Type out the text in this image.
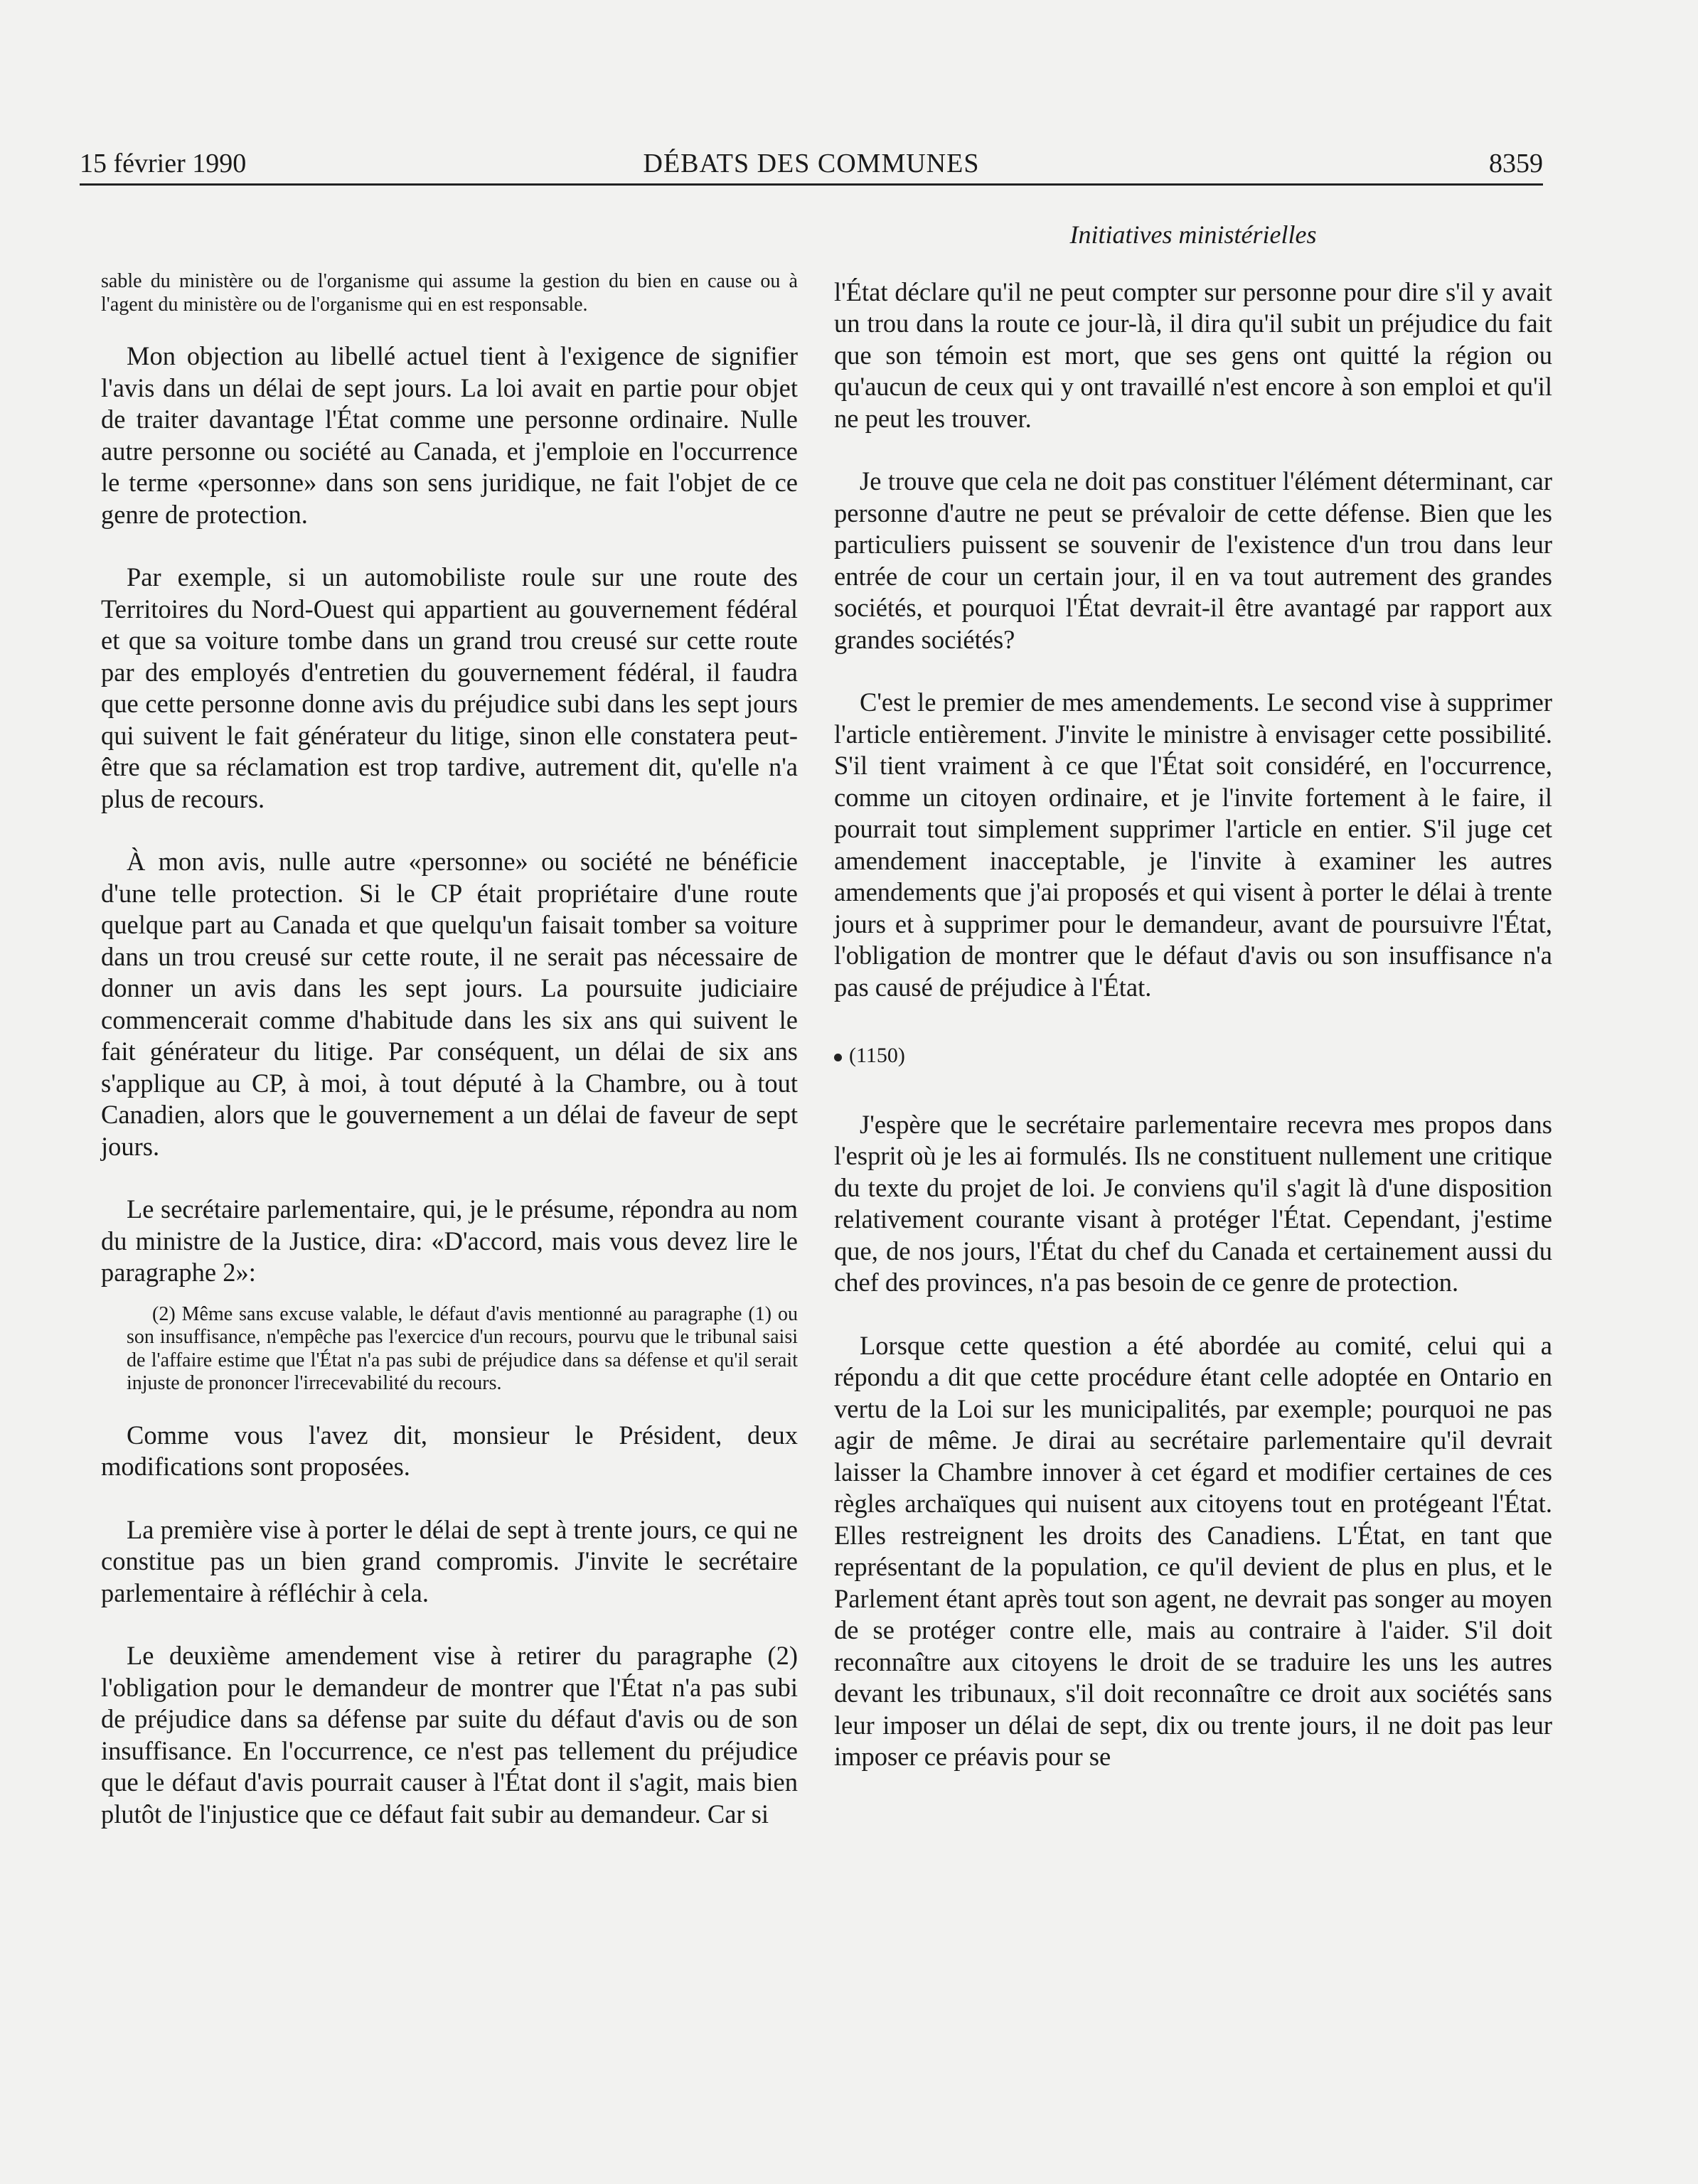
15 février 1990	DÉBATS DES COMMUNES	8359
sable du ministère ou de l'organisme qui assume la gestion du bien en cause ou à l'agent du ministère ou de l'organisme qui en est responsable.

Mon objection au libellé actuel tient à l'exigence de signifier l'avis dans un délai de sept jours. La loi avait en partie pour objet de traiter davantage l'État comme une personne ordinaire. Nulle autre personne ou société au Canada, et j'emploie en l'occurrence le terme «personne» dans son sens juridique, ne fait l'objet de ce genre de protection.

Par exemple, si un automobiliste roule sur une route des Territoires du Nord-Ouest qui appartient au gouvernement fédéral et que sa voiture tombe dans un grand trou creusé sur cette route par des employés d'entretien du gouvernement fédéral, il faudra que cette personne donne avis du préjudice subi dans les sept jours qui suivent le fait générateur du litige, sinon elle constatera peut-être que sa réclamation est trop tardive, autrement dit, qu'elle n'a plus de recours.

À mon avis, nulle autre «personne» ou société ne bénéficie d'une telle protection. Si le CP était propriétaire d'une route quelque part au Canada et que quelqu'un faisait tomber sa voiture dans un trou creusé sur cette route, il ne serait pas nécessaire de donner un avis dans les sept jours. La poursuite judiciaire commencerait comme d'habitude dans les six ans qui suivent le fait générateur du litige. Par conséquent, un délai de six ans s'applique au CP, à moi, à tout député à la Chambre, ou à tout Canadien, alors que le gouvernement a un délai de faveur de sept jours.

Le secrétaire parlementaire, qui, je le présume, répondra au nom du ministre de la Justice, dira: «D'accord, mais vous devez lire le paragraphe 2»:

(2) Même sans excuse valable, le défaut d'avis mentionné au paragraphe (1) ou son insuffisance, n'empêche pas l'exercice d'un recours, pourvu que le tribunal saisi de l'affaire estime que l'État n'a pas subi de préjudice dans sa défense et qu'il serait injuste de prononcer l'irrecevabilité du recours.

Comme vous l'avez dit, monsieur le Président, deux modifications sont proposées.

La première vise à porter le délai de sept à trente jours, ce qui ne constitue pas un bien grand compromis. J'invite le secrétaire parlementaire à réfléchir à cela.

Le deuxième amendement vise à retirer du paragraphe (2) l'obligation pour le demandeur de montrer que l'État n'a pas subi de préjudice dans sa défense par suite du défaut d'avis ou de son insuffisance. En l'occurrence, ce n'est pas tellement du préjudice que le défaut d'avis pourrait causer à l'État dont il s'agit, mais bien plutôt de l'injustice que ce défaut fait subir au demandeur. Car si

Initiatives ministérielles

l'État déclare qu'il ne peut compter sur personne pour dire s'il y avait un trou dans la route ce jour-là, il dira qu'il subit un préjudice du fait que son témoin est mort, que ses gens ont quitté la région ou qu'aucun de ceux qui y ont travaillé n'est encore à son emploi et qu'il ne peut les trouver.

Je trouve que cela ne doit pas constituer l'élément déterminant, car personne d'autre ne peut se prévaloir de cette défense. Bien que les particuliers puissent se souvenir de l'existence d'un trou dans leur entrée de cour un certain jour, il en va tout autrement des grandes sociétés, et pourquoi l'État devrait-il être avantagé par rapport aux grandes sociétés?

C'est le premier de mes amendements. Le second vise à supprimer l'article entièrement. J'invite le ministre à envisager cette possibilité. S'il tient vraiment à ce que l'État soit considéré, en l'occurrence, comme un citoyen ordinaire, et je l'invite fortement à le faire, il pourrait tout simplement supprimer l'article en entier. S'il juge cet amendement inacceptable, je l'invite à examiner les autres amendements que j'ai proposés et qui visent à porter le délai à trente jours et à supprimer pour le demandeur, avant de poursuivre l'État, l'obligation de montrer que le défaut d'avis ou son insuffisance n'a pas causé de préjudice à l'État.

(1150)

J'espère que le secrétaire parlementaire recevra mes propos dans l'esprit où je les ai formulés. Ils ne constituent nullement une critique du texte du projet de loi. Je conviens qu'il s'agit là d'une disposition relativement courante visant à protéger l'État. Cependant, j'estime que, de nos jours, l'État du chef du Canada et certainement aussi du chef des provinces, n'a pas besoin de ce genre de protection.

Lorsque cette question a été abordée au comité, celui qui a répondu a dit que cette procédure étant celle adoptée en Ontario en vertu de la Loi sur les municipalités, par exemple; pourquoi ne pas agir de même. Je dirai au secrétaire parlementaire qu'il devrait laisser la Chambre innover à cet égard et modifier certaines de ces règles archaïques qui nuisent aux citoyens tout en protégeant l'État. Elles restreignent les droits des Canadiens. L'État, en tant que représentant de la population, ce qu'il devient de plus en plus, et le Parlement étant après tout son agent, ne devrait pas songer au moyen de se protéger contre elle, mais au contraire à l'aider. S'il doit reconnaître aux citoyens le droit de se traduire les uns les autres devant les tribunaux, s'il doit reconnaître ce droit aux sociétés sans leur imposer un délai de sept, dix ou trente jours, il ne doit pas leur imposer ce préavis pour se
